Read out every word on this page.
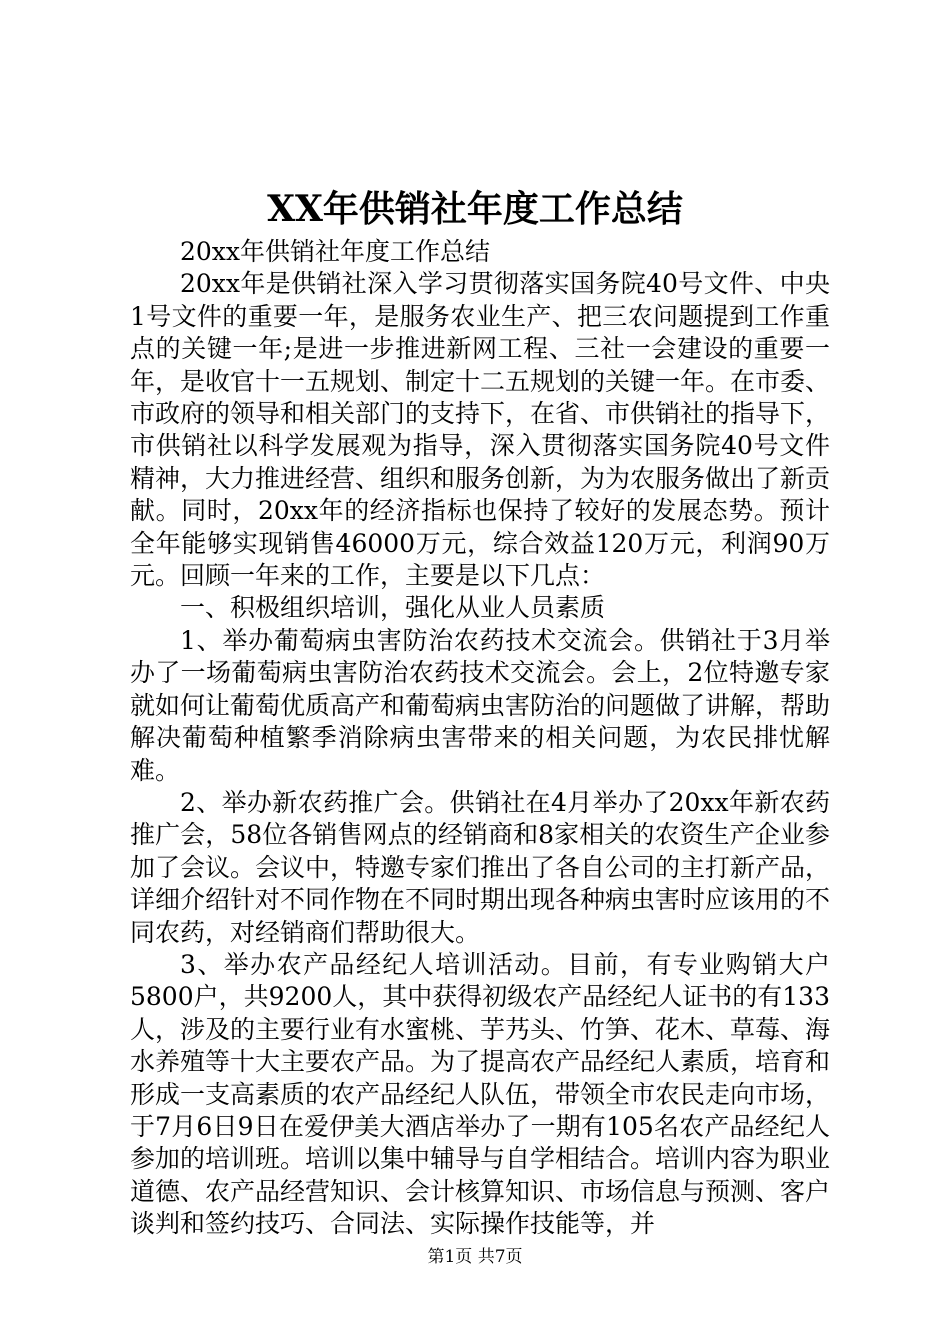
XX年供销社年度工作总结

20xx年供销社年度工作总结

20xx年是供销社深入学习贯彻落实国务院40号文件、中央1号文件的重要一年，是服务农业生产、把三农问题提到工作重点的关键一年;是进一步推进新网工程、三社一会建设的重要一年，是收官十一五规划、制定十二五规划的关键一年。在市委、市政府的领导和相关部门的支持下，在省、市供销社的指导下，市供销社以科学发展观为指导，深入贯彻落实国务院40号文件精神，大力推进经营、组织和服务创新，为为农服务做出了新贡献。同时，20xx年的经济指标也保持了较好的发展态势。预计全年能够实现销售46000万元，综合效益120万元，利润90万元。回顾一年来的工作，主要是以下几点：

一、积极组织培训，强化从业人员素质

1、举办葡萄病虫害防治农药技术交流会。供销社于3月举办了一场葡萄病虫害防治农药技术交流会。会上，2位特邀专家就如何让葡萄优质高产和葡萄病虫害防治的问题做了讲解，帮助解决葡萄种植繁季消除病虫害带来的相关问题，为农民排忧解难。

2、举办新农药推广会。供销社在4月举办了20xx年新农药推广会，58位各销售网点的经销商和8家相关的农资生产企业参加了会议。会议中，特邀专家们推出了各自公司的主打新产品，详细介绍针对不同作物在不同时期出现各种病虫害时应该用的不同农药，对经销商们帮助很大。

3、举办农产品经纪人培训活动。目前，有专业购销大户5800户，共9200人，其中获得初级农产品经纪人证书的有133人，涉及的主要行业有水蜜桃、芋艿头、竹笋、花木、草莓、海水养殖等十大主要农产品。为了提高农产品经纪人素质，培育和形成一支高素质的农产品经纪人队伍，带领全市农民走向市场，于7月6日9日在爱伊美大酒店举办了一期有105名农产品经纪人参加的培训班。培训以集中辅导与自学相结合。培训内容为职业道德、农产品经营知识、会计核算知识、市场信息与预测、客户谈判和签约技巧、合同法、实际操作技能等，并

第1页 共7页
